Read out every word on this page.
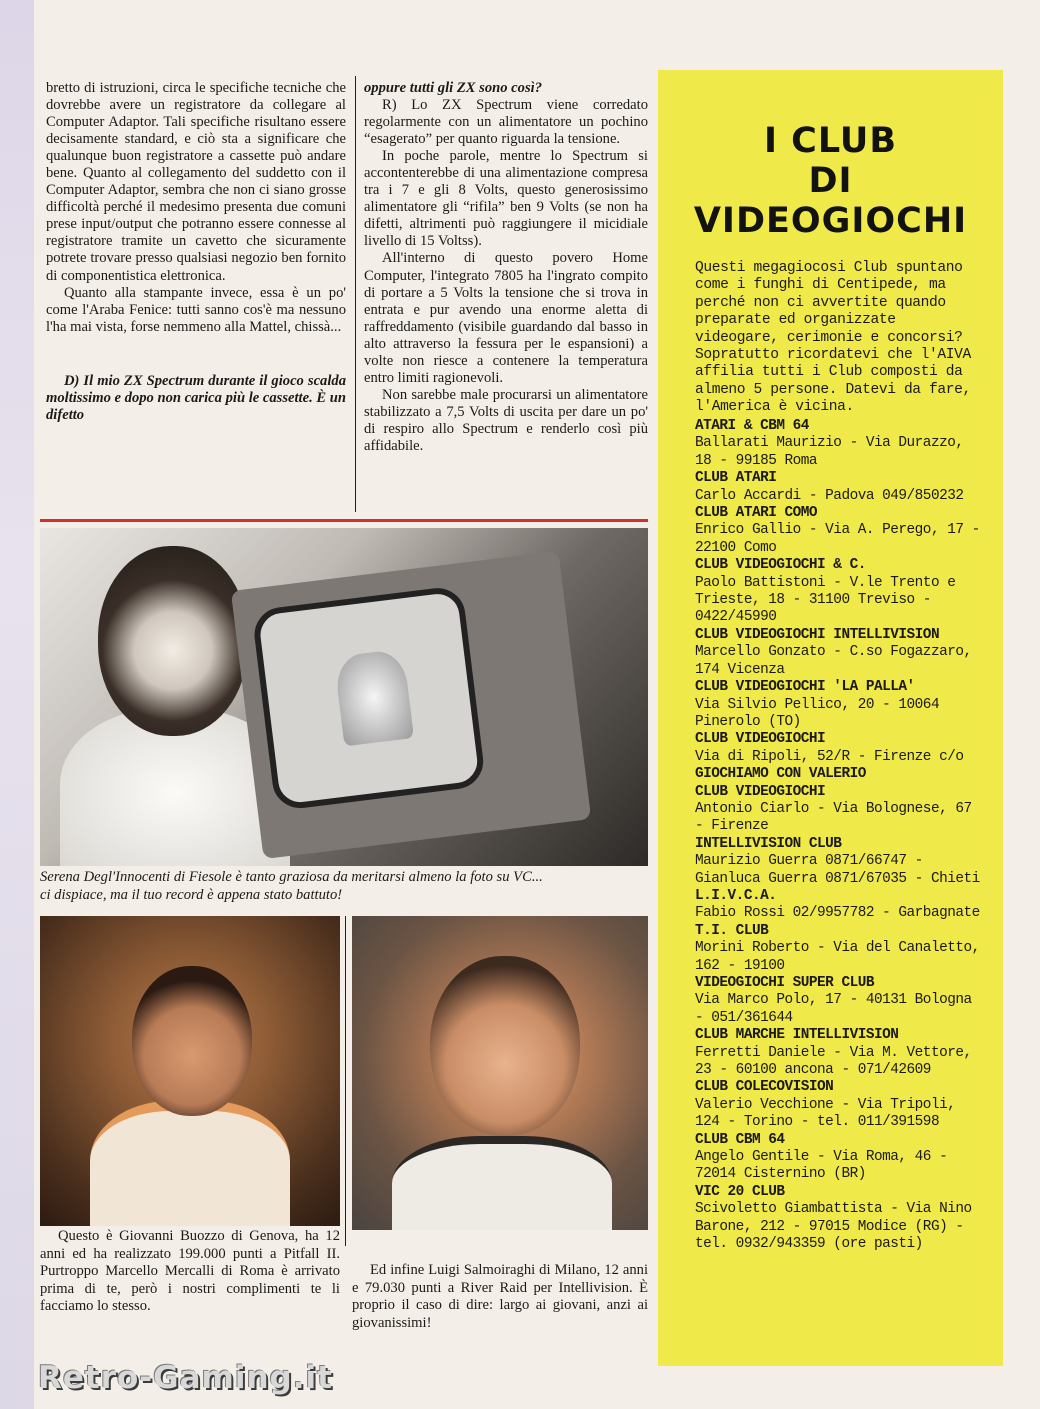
bretto di istruzioni, circa le specifiche tecniche che dovrebbe avere un registratore da collegare al Computer Adaptor. Tali specifiche risultano essere decisamente standard, e ciò sta a significare che qualunque buon registratore a cassette può andare bene. Quanto al collegamento del suddetto con il Computer Adaptor, sembra che non ci siano grosse difficoltà perché il medesimo presenta due comuni prese input/output che potranno essere connesse al registratore tramite un cavetto che sicuramente potrete trovare presso qualsiasi negozio ben fornito di componentistica elettronica.

Quanto alla stampante invece, essa è un po' come l'Araba Fenice: tutti sanno cos'è ma nessuno l'ha mai vista, forse nemmeno alla Mattel, chissà...

D) Il mio ZX Spectrum durante il gioco scalda moltissimo e dopo non carica più le cassette. È un difetto

oppure tutti gli ZX sono così?

R) Lo ZX Spectrum viene corredato regolarmente con un alimentatore un pochino “esagerato” per quanto riguarda la tensione.

In poche parole, mentre lo Spectrum si accontenterebbe di una alimentazione compresa tra i 7 e gli 8 Volts, questo generosissimo alimentatore gli “rifila” ben 9 Volts (se non ha difetti, altrimenti può raggiungere il micidiale livello di 15 Voltss).

All'interno di questo povero Home Computer, l'integrato 7805 ha l'ingrato compito di portare a 5 Volts la tensione che si trova in entrata e pur avendo una enorme aletta di raffreddamento (visibile guardando dal basso in alto attraverso la fessura per le espansioni) a volte non riesce a contenere la temperatura entro limiti ragionevoli.

Non sarebbe male procurarsi un alimentatore stabilizzato a 7,5 Volts di uscita per dare un po' di respiro allo Spectrum e renderlo così più affidabile.

Serena Degl'Innocenti di Fiesole è tanto graziosa da meritarsi almeno la foto su VC...
ci dispiace, ma il tuo record è appena stato battuto!
Questo è Giovanni Buozzo di Genova, ha 12 anni ed ha realizzato 199.000 punti a Pitfall II. Purtroppo Marcello Mercalli di Roma è arrivato prima di te, però i nostri complimenti te li facciamo lo stesso.
Ed infine Luigi Salmoiraghi di Milano, 12 anni e 79.030 punti a River Raid per Intellivision. È proprio il caso di dire: largo ai giovani, anzi ai giovanissimi!
I CLUB
DI
VIDEOGIOCHI

Questi megagiocosi Club spuntano come i funghi di Centipede, ma perché non ci avvertite quando preparate ed organizzate videogare, cerimonie e concorsi?

Sopratutto ricordatevi che l'AIVA affilia tutti i Club composti da almeno 5 persone. Datevi da fare, l'America è vicina.

ATARI & CBM 64

Ballarati Maurizio - Via Durazzo, 18 - 99185 Roma

CLUB ATARI

Carlo Accardi - Padova 049/850232

CLUB ATARI COMO

Enrico Gallio - Via A. Perego, 17 - 22100 Como

CLUB VIDEOGIOCHI & C.

Paolo Battistoni - V.le Trento e Trieste, 18 - 31100 Treviso - 0422/45990

CLUB VIDEOGIOCHI INTELLIVISION

Marcello Gonzato - C.so Fogazzaro, 174 Vicenza

CLUB VIDEOGIOCHI 'LA PALLA'

Via Silvio Pellico, 20 - 10064 Pinerolo (TO)

CLUB VIDEOGIOCHI

Via di Ripoli, 52/R - Firenze c/o

GIOCHIAMO CON VALERIO

CLUB VIDEOGIOCHI

Antonio Ciarlo - Via Bolognese, 67 - Firenze

INTELLIVISION CLUB

Maurizio Guerra 0871/66747 - Gianluca Guerra 0871/67035 - Chieti

L.I.V.C.A.

Fabio Rossi 02/9957782 - Garbagnate

T.I. CLUB

Morini Roberto - Via del Canaletto, 162 - 19100

VIDEOGIOCHI SUPER CLUB

Via Marco Polo, 17 - 40131 Bologna - 051/361644

CLUB MARCHE INTELLIVISION

Ferretti Daniele - Via M. Vettore, 23 - 60100 ancona - 071/42609

CLUB COLECOVISION

Valerio Vecchione - Via Tripoli, 124 - Torino - tel. 011/391598

CLUB CBM 64

Angelo Gentile - Via Roma, 46 - 72014 Cisternino (BR)

VIC 20 CLUB

Scivoletto Giambattista - Via Nino Barone, 212 - 97015 Modice (RG) - tel. 0932/943359 (ore pasti)

Retro-Gaming.it
